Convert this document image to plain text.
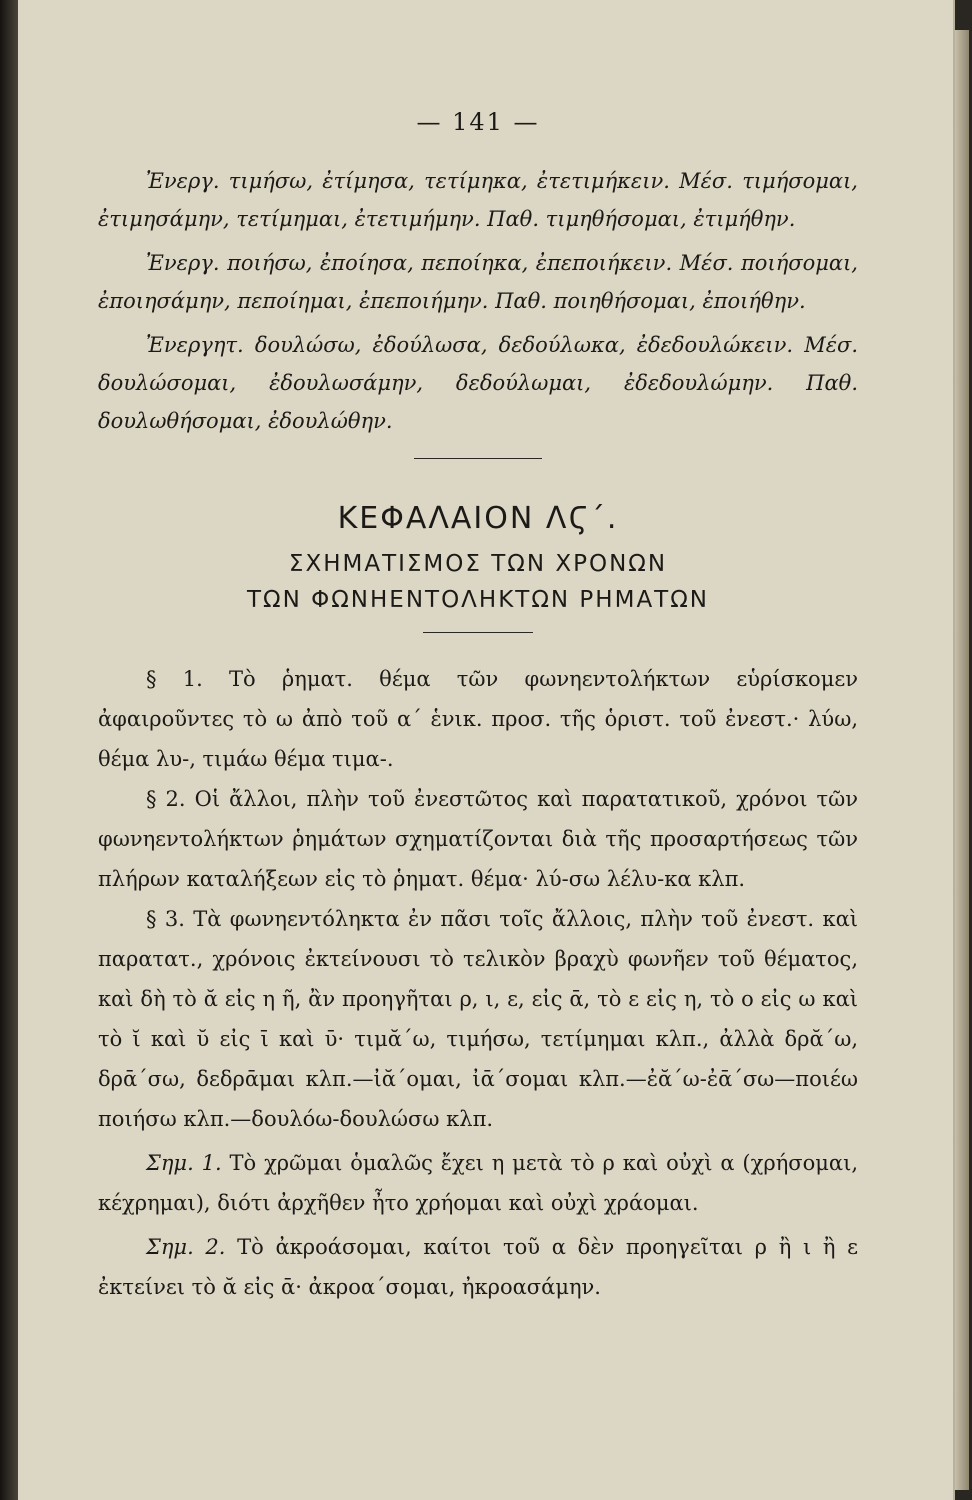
— 141 —

Ἐνεργ. τιμήσω, ἐτίμησα, τετίμηκα, ἐτετιμήκειν. Μέσ. τιμήσομαι, ἐτιμησάμην, τετίμημαι, ἐτετιμήμην. Παθ. τιμηθήσομαι, ἐτιμήθην.

Ἐνεργ. ποιήσω, ἐποίησα, πεποίηκα, ἐπεποιήκειν. Μέσ. ποιήσομαι, ἐποιησάμην, πεποίημαι, ἐπεποιήμην. Παθ. ποιηθήσομαι, ἐποιήθην.

Ἐνεργητ. δουλώσω, ἐδούλωσα, δεδούλωκα, ἐδεδουλώκειν. Μέσ. δουλώσομαι, ἐδουλωσάμην, δεδούλωμαι, ἐδεδουλώμην. Παθ. δουλωθήσομαι, ἐδουλώθην.

ΚΕΦΑΛΑΙΟΝ ΛϚ΄.
ΣΧΗΜΑΤΙΣΜΟΣ ΤΩΝ ΧΡΟΝΩΝ
ΤΩΝ ΦΩΝΗΕΝΤΟΛΗΚΤΩΝ ΡΗΜΑΤΩΝ

§ 1. Τὸ ῥηματ. θέμα τῶν φωνηεντολήκτων εὑρίσκομεν ἀφαιροῦντες τὸ ω ἀπὸ τοῦ α΄ ἑνικ. προσ. τῆς ὁριστ. τοῦ ἐνεστ.· λύω, θέμα λυ-, τιμάω θέμα τιμα-.

§ 2. Οἱ ἄλλοι, πλὴν τοῦ ἐνεστῶτος καὶ παρατατικοῦ, χρόνοι τῶν φωνηεντολήκτων ῥημάτων σχηματίζονται διὰ τῆς προσαρτήσεως τῶν πλήρων καταλήξεων εἰς τὸ ῥηματ. θέμα· λύ-σω λέλυ-κα κλπ.

§ 3. Τὰ φωνηεντόληκτα ἐν πᾶσι τοῖς ἄλλοις, πλὴν τοῦ ἐνεστ. καὶ παρατατ., χρόνοις ἐκτείνουσι τὸ τελικὸν βραχὺ φωνῆεν τοῦ θέματος, καὶ δὴ τὸ ᾰ εἰς η ῆ, ἂν προηγῆται ρ, ι, ε, εἰς ᾱ, τὸ ε εἰς η, τὸ ο εἰς ω καὶ τὸ ῐ καὶ ῠ εἰς ῑ καὶ ῡ· τιμᾰ΄ω, τιμήσω, τετίμημαι κλπ., ἀλλὰ δρᾰ΄ω, δρᾱ΄σω, δεδρᾱμαι κλπ.—ἰᾰ΄ομαι, ἰᾱ΄σομαι κλπ.—ἐᾰ΄ω-ἐᾱ΄σω—ποιέω ποιήσω κλπ.—δουλόω-δουλώσω κλπ.

Σημ. 1. Τὸ χρῶμαι ὁμαλῶς ἔχει η μετὰ τὸ ρ καὶ οὐχὶ α (χρήσομαι, κέχρημαι), διότι ἀρχῆθεν ἦτο χρήομαι καὶ οὐχὶ χράομαι.

Σημ. 2. Τὸ ἀκροάσομαι, καίτοι τοῦ α δὲν προηγεῖται ρ ἢ ι ἢ ε ἐκτείνει τὸ ᾰ εἰς ᾱ· ἀκροα΄σομαι, ἠκροασάμην.
